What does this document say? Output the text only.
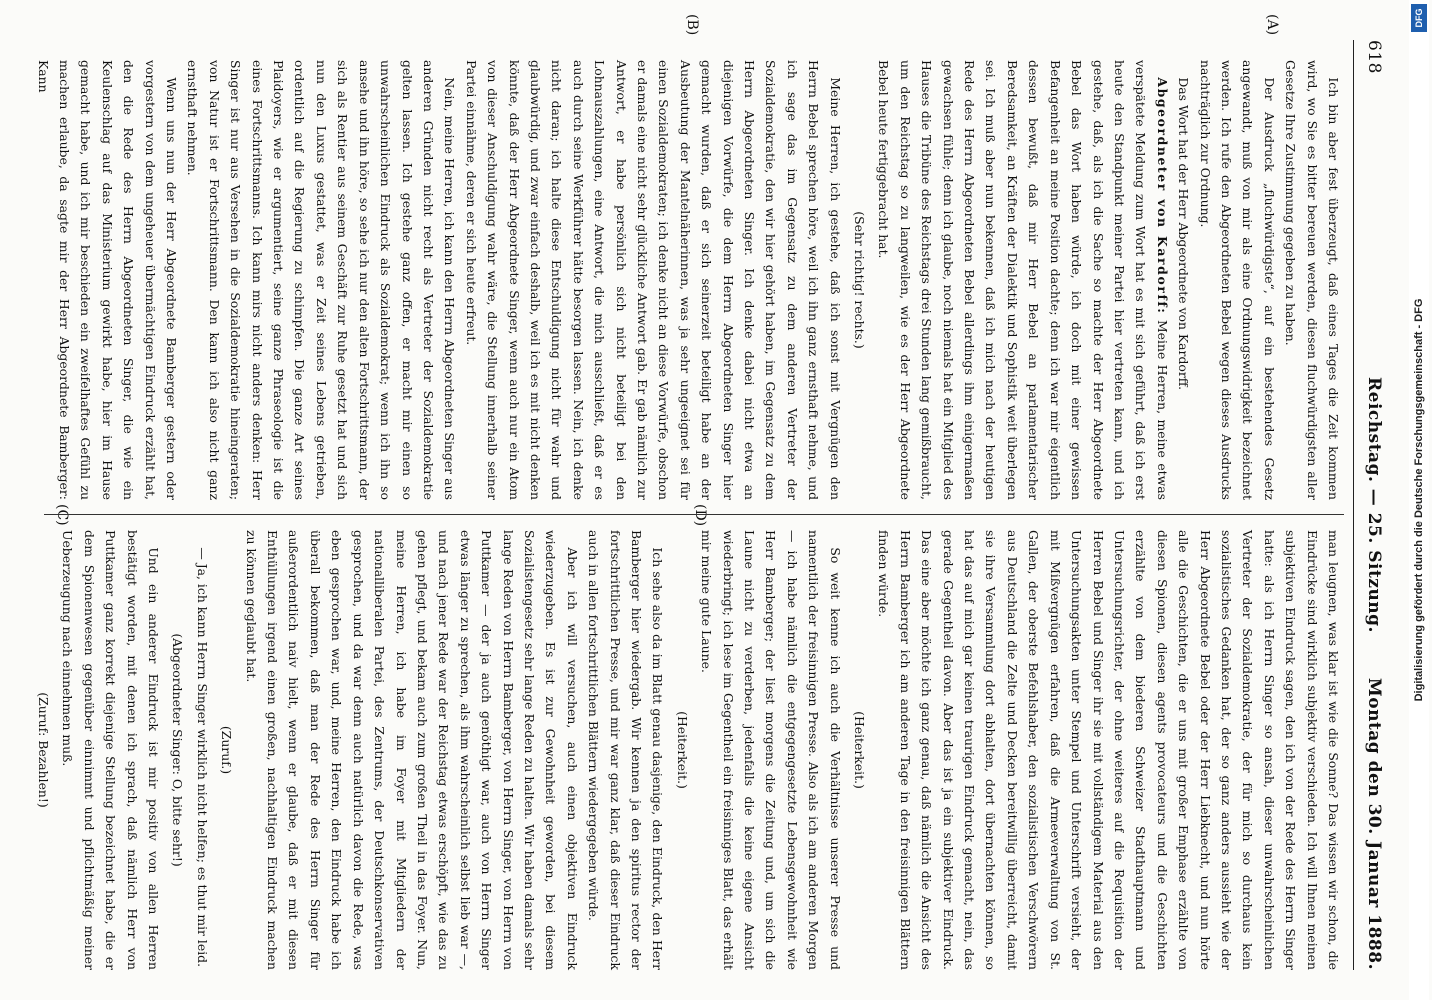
618
Reichstag. — 25. Sitzung.
Montag den 30. Januar 1888.
(A)
(B)
(C)	(D)

Ich bin aber fest überzeugt, daß eines Tages die Zeit kommen wird, wo Sie es bitter bereuen werden, diesen fluchwürdigsten aller Gesetze Ihre Zustimmung gegeben zu haben.

Der Ausdruck „fluchwürdigste“, auf ein bestehendes Gesetz angewandt, muß von mir als eine Ordnungswidrigkeit bezeichnet werden. Ich rufe den Abgeordneten Bebel wegen dieses Ausdrucks nachträglich zur Ordnung.

Das Wort hat der Herr Abgeordnete von Kardorff.

Abgeordneter von Kardorff: Meine Herren, meine etwas verspätete Meldung zum Wort hat es mit sich geführt, daß ich erst heute den Standpunkt meiner Partei hier vertreten kann, und ich gestehe, daß, als ich die Sache so machte der Herr Abgeordnete Bebel das Wort haben würde, ich doch mit einer gewissen Befangenheit an meine Position dachte; denn ich war mir eigentlich dessen bewußt, daß mir Herr Bebel an parlamentarischer Beredsamkeit, an Kräften der Dialektik und Sophistik weit überlegen sei. Ich muß aber nun bekennen, daß ich mich nach der heutigen Rede des Herrn Abgeordneten Bebel allerdings ihm einigermaßen gewachsen fühle; denn ich glaube, noch niemals hat ein Mitglied des Hauses die Tribüne des Reichstags drei Stunden lang gemißbraucht, um den Reichstag so zu langweilen, wie es der Herr Abgeordnete Bebel heute fertiggebracht hat.

(Sehr richtig! rechts.)

Meine Herren, ich gestehe, daß ich sonst mit Vergnügen den Herrn Bebel sprechen höre, weil ich ihn ganz ernsthaft nehme, und ich sage das im Gegensatz zu dem anderen Vertreter der Sozialdemokratie, den wir hier gehört haben, im Gegensatz zu dem Herrn Abgeordneten Singer. Ich denke dabei nicht etwa an diejenigen Vorwürfe, die dem Herrn Abgeordneten Singer hier gemacht wurden, daß er sich seinerzeit beteiligt habe an der Ausbeutung der Mantelnäherinnen, was ja sehr ungeeignet sei für einen Sozialdemokraten; ich denke nicht an diese Vorwürfe, obschon er damals eine nicht sehr glückliche Antwort gab. Er gab nämlich zur Antwort, er habe persönlich sich nicht beteiligt bei den Lohnauszahlungen, eine Antwort, die mich ausschließt, daß er es auch durch seine Werkführer hätte besorgen lassen. Nein, ich denke nicht daran; ich halte diese Entschuldigung nicht für wahr und glaubwürdig, und zwar einfach deshalb, weil ich es mit nicht denken könnte, daß der Herr Abgeordnete Singer, wenn auch nur ein Atom von dieser Anschuldigung wahr wäre, die Stellung innerhalb seiner Partei einnähme, deren er sich heute erfreut.

Nein, meine Herren, ich kann den Herrn Abgeordneten Singer aus anderen Gründen nicht recht als Vertreter der Sozialdemokratie gelten lassen. Ich gestehe ganz offen, er macht mir einen so unwahrscheinlichen Eindruck als Sozialdemokrat; wenn ich ihn so ansehe und ihn höre, so sehe ich nur den alten Fortschrittsmann, der sich als Rentier aus seinem Geschäft zur Ruhe gesetzt hat und sich nun den Luxus gestattet, was er Zeit seines Lebens getrieben, ordentlich auf die Regierung zu schimpfen. Die ganze Art seines Plaidoyers, wie er argumentiert, seine ganze Phraseologie ist die eines Fortschrittsmanns. Ich kann mirs nicht anders denken: Herr Singer ist nur aus Versehen in die Sozialdemokratie hineingeraten; von Natur ist er Fortschrittsmann. Den kann ich also nicht ganz ernsthaft nehmen.

Wenn uns nun der Herr Abgeordnete Bamberger gestern oder vorgestern von dem ungeheuer übermächtigen Eindruck erzählt hat, den die Rede des Herrn Abgeordneten Singer, die wie ein Keulenschlag auf das Ministerium gewirkt habe, hier im Hause gemacht habe, und ich mir beschieden ein zweifelhaftes Gefühl zu machen erlaube, da sagte mir der Herr Abgeordnete Bamberger: Kann

man leugnen, was klar ist wie die Sonne? Das wissen wir schon, die Eindrücke sind wirklich subjektiv verschieden. Ich will Ihnen meinen subjektiven Eindruck sagen, den ich von der Rede des Herrn Singer hatte: als ich Herrn Singer so ansah, dieser unwahrscheinlichen Vertreter der Sozialdemokratie, der für mich so durchaus kein sozialistisches Gedanken hat, der so ganz anders aussieht wie der Herr Abgeordnete Bebel oder der Herr Liebknecht, und nun hörte alle die Geschichten, die er uns mit großer Emphase erzählte von diesen Spionen, diesen agents provocateurs und die Geschichten erzählte von dem biederen Schweizer Stadthauptmann und Untersuchungsrichter, der ohne weiteres auf die Requisition der Herren Bebel und Singer ihr sie mit vollständigem Material aus den Untersuchungsakten unter Stempel und Unterschrift versieht, der mit Mißvergnügen erfahren, daß die Armeeverwaltung von St. Gallen, der oberste Befehlshaber, den sozialistischen Verschwörern aus Deutschland die Zelte und Decken bereitwillig überreicht, damit sie ihre Versammlung dort abhalten, dort übernachten können, so hat das auf mich gar keinen traurigen Eindruck gemacht, nein, das gerade Gegentheil davon. Aber das ist ja ein subjektiver Eindruck. Das eine aber möchte ich ganz genau, daß nämlich die Ansicht des Herrn Bamberger ich am anderen Tage in den freisinnigen Blättern finden würde.

(Heiterkeit.)

So weit kenne ich auch die Verhältnisse unserer Presse und namentlich der freisinnigen Presse. Also als ich am anderen Morgen — ich habe nämlich die entgegengesetzte Lebensgewohnheit wie Herr Bamberger; der liest morgens die Zeitung und, um sich die Laune nicht zu verderben, jedenfalls die keine eigene Ansicht wiederbringt; ich lese im Gegentheil ein freisinniges Blatt, das erhält mir meine gute Laune.

(Heiterkeit.)

Ich sehe also da im Blatt genau dasjenige, den Eindruck, den Herr Bamberger hier wiedergab. Wir kennen ja den spiritus rector der fortschrittlichen Presse, und mir war ganz klar, daß dieser Eindruck auch in allen fortschrittlichen Blättern wiedergegeben würde.

Aber ich will versuchen, auch einen objektiven Eindruck wiederzugeben. Es ist zur Gewohnheit geworden, bei diesem Sozialistengesetz sehr lange Reden zu halten. Wir haben damals sehr lange Reden von Herrn Bamberger, von Herrn Singer, von Herrn von Puttkamer — der ja auch genöthigt war, auch von Herrn Singer etwas länger zu sprechen, als ihm wahrscheinlich selbst lieb war —, und nach jener Rede war der Reichstag etwas erschöpft, wie das zu gehen pflegt, und bekam auch zum großen Theil in das Foyer. Nun, meine Herren, ich habe im Foyer mit Mitgliedern der nationalliberalen Partei, des Zentrums, der Deutschkonservativen gesprochen, und da war denn auch natürlich davon die Rede, was eben gesprochen war, und, meine Herren, den Eindruck habe ich überall bekommen, daß man der Rede des Herrn Singer für außerordentlich naiv hielt, wenn er glaube, daß er mit diesen Enthüllungen irgend einen großen, nachhaltigen Eindruck machen zu können geglaubt hat.

(Zuruf.)

— Ja, ich kann Herrn Singer wirklich nicht helfen; es thut mir leid.

(Abgeordneter Singer: O, bitte sehr!)

Und ein anderer Eindruck ist mir positiv von allen Herren bestätigt worden, mit denen ich sprach, daß nämlich Herr von Puttkamer ganz korrekt diejenige Stellung bezeichnet habe, die er dem Spionenwesen gegenüber einnimmt und pflichtmäßig meiner Ueberzeugung nach einnehmen muß.

(Zuruf: Bezahlen!)

Digitalisierung gefördert durch die Deutsche Forschungsgemeinschaft - DFG
DFG
